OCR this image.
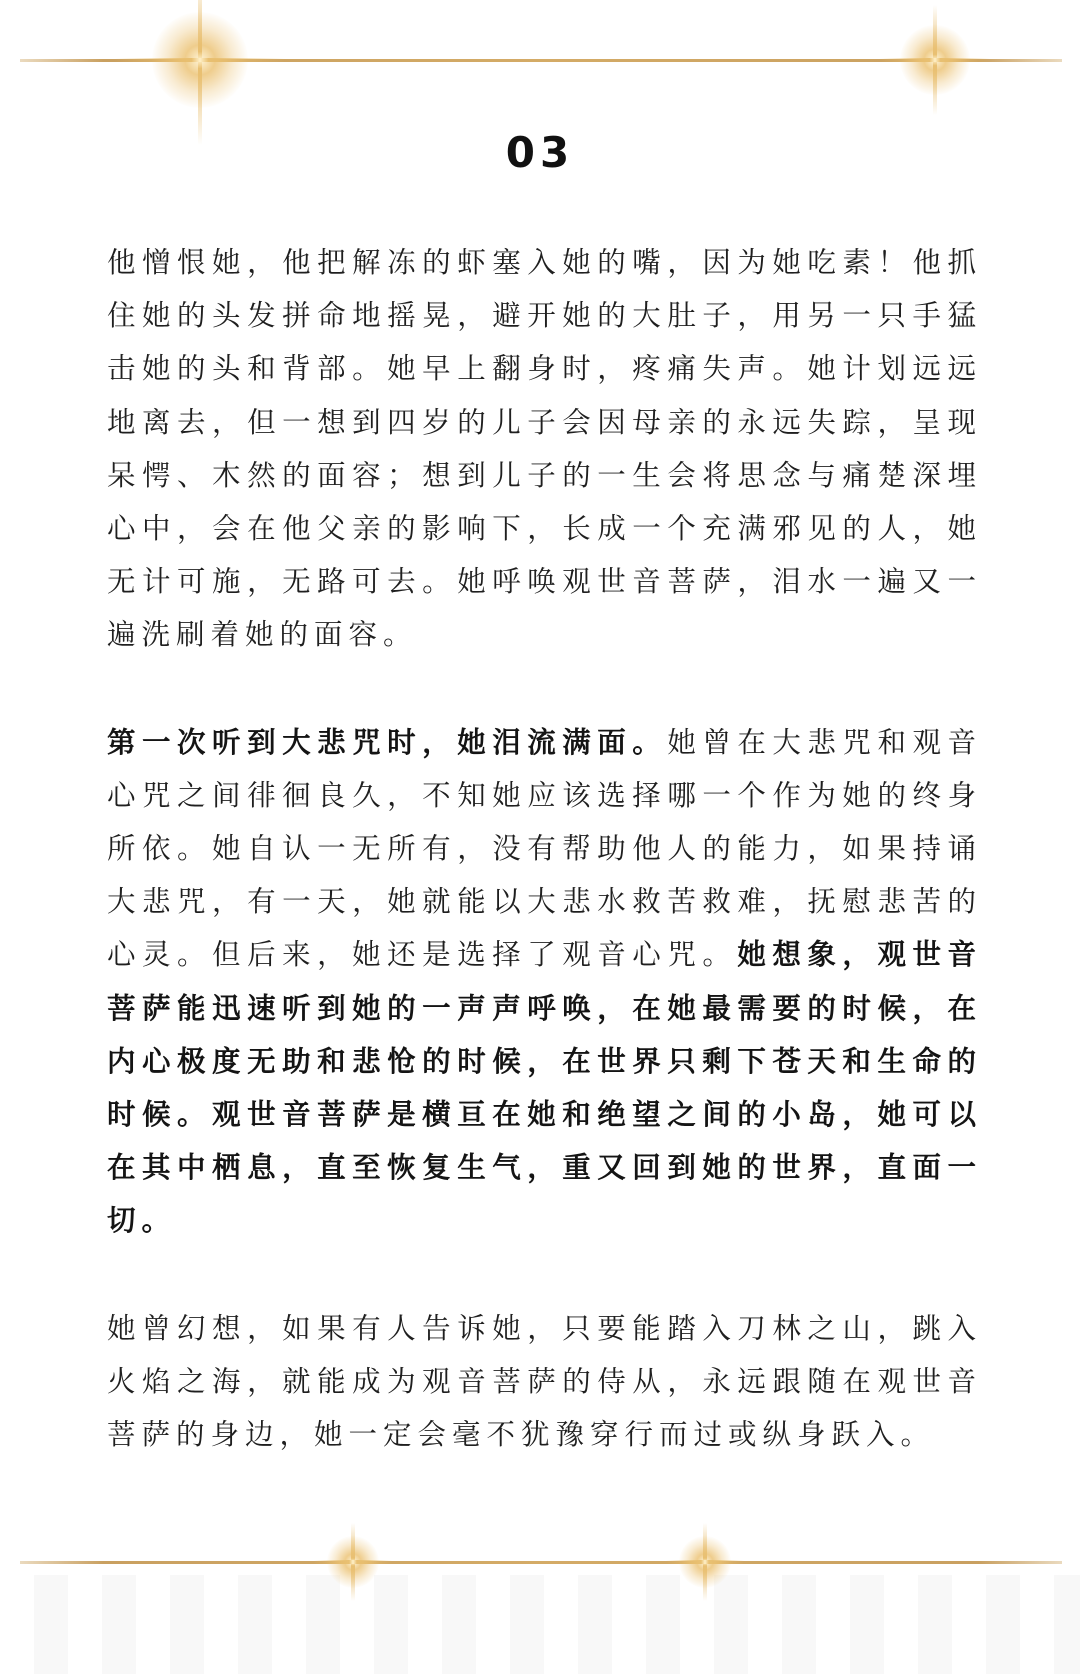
03

他憎恨她，他把解冻的虾塞入她的嘴，因为她吃素！他抓住她的头发拼命地摇晃，避开她的大肚子，用另一只手猛击她的头和背部。她早上翻身时，疼痛失声。她计划远远地离去，但一想到四岁的儿子会因母亲的永远失踪，呈现呆愕、木然的面容；想到儿子的一生会将思念与痛楚深埋心中，会在他父亲的影响下，长成一个充满邪见的人，她无计可施，无路可去。她呼唤观世音菩萨，泪水一遍又一遍洗刷着她的面容。

第一次听到大悲咒时，她泪流满面。她曾在大悲咒和观音心咒之间徘徊良久，不知她应该选择哪一个作为她的终身所依。她自认一无所有，没有帮助他人的能力，如果持诵大悲咒，有一天，她就能以大悲水救苦救难，抚慰悲苦的心灵。但后来，她还是选择了观音心咒。她想象，观世音菩萨能迅速听到她的一声声呼唤，在她最需要的时候，在内心极度无助和悲怆的时候，在世界只剩下苍天和生命的时候。观世音菩萨是横亘在她和绝望之间的小岛，她可以在其中栖息，直至恢复生气，重又回到她的世界，直面一切。

她曾幻想，如果有人告诉她，只要能踏入刀林之山，跳入火焰之海，就能成为观音菩萨的侍从，永远跟随在观世音菩萨的身边，她一定会毫不犹豫穿行而过或纵身跃入。
